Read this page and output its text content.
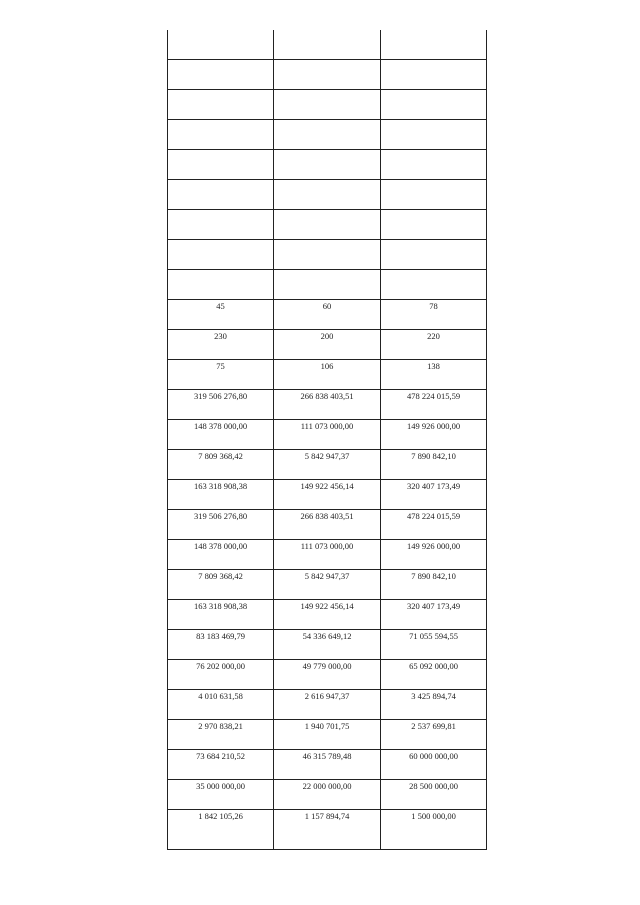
45	60	78

230	200	220

75	106	138

319 506 276,80	266 838 403,51	478 224 015,59

148 378 000,00	111 073 000,00	149 926 000,00

7 809 368,42	5 842 947,37	7 890 842,10

163 318 908,38	149 922 456,14	320 407 173,49

319 506 276,80	266 838 403,51	478 224 015,59

148 378 000,00	111 073 000,00	149 926 000,00

7 809 368,42	5 842 947,37	7 890 842,10

163 318 908,38	149 922 456,14	320 407 173,49

83 183 469,79	54 336 649,12	71 055 594,55

76 202 000,00	49 779 000,00	65 092 000,00

4 010 631,58	2 616 947,37	3 425 894,74

2 970 838,21	1 940 701,75	2 537 699,81

73 684 210,52	46 315 789,48	60 000 000,00

35 000 000,00	22 000 000,00	28 500 000,00

1 842 105,26	1 157 894,74	1 500 000,00
